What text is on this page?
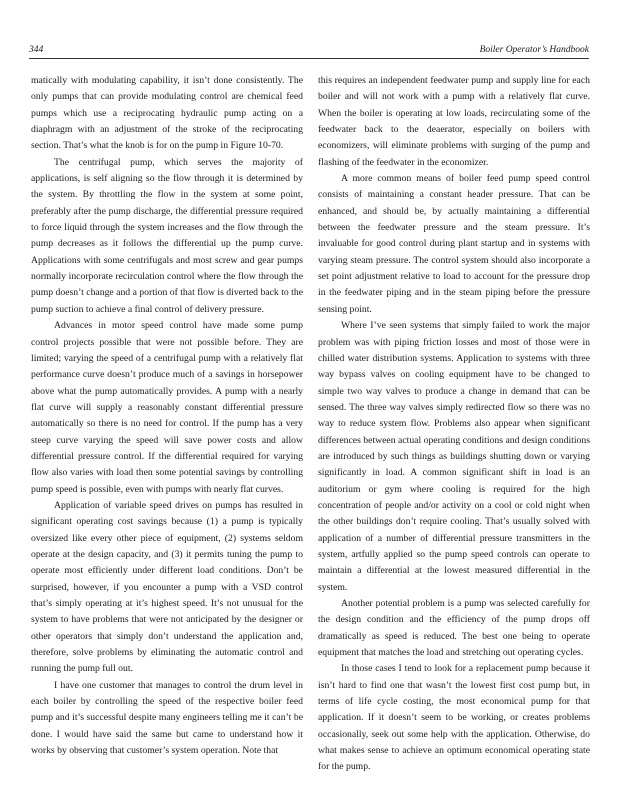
344	Boiler Operator’s Handbook

matically with modulating capability, it isn’t done consistently. The only pumps that can provide modulating control are chemical feed pumps which use a reciprocating hydraulic pump acting on a diaphragm with an adjustment of the stroke of the reciprocating section. That’s what the knob is for on the pump in Figure 10-70.

The centrifugal pump, which serves the majority of applications, is self aligning so the flow through it is determined by the system. By throttling the flow in the system at some point, preferably after the pump discharge, the differential pressure required to force liquid through the system increases and the flow through the pump decreases as it follows the differential up the pump curve. Applications with some centrifugals and most screw and gear pumps normally incorporate recirculation control where the flow through the pump doesn’t change and a portion of that flow is diverted back to the pump suction to achieve a final control of delivery pressure.

Advances in motor speed control have made some pump control projects possible that were not possible before. They are limited; varying the speed of a centrifugal pump with a relatively flat performance curve doesn’t produce much of a savings in horsepower above what the pump automatically provides. A pump with a nearly flat curve will supply a reasonably constant differential pressure automatically so there is no need for control. If the pump has a very steep curve varying the speed will save power costs and allow differential pressure control. If the differential required for varying flow also varies with load then some potential savings by controlling pump speed is possible, even with pumps with nearly flat curves.

Application of variable speed drives on pumps has resulted in significant operating cost savings because (1) a pump is typically oversized like every other piece of equipment, (2) systems seldom operate at the design capacity, and (3) it permits tuning the pump to operate most efficiently under different load conditions. Don’t be surprised, however, if you encounter a pump with a VSD control that’s simply operating at it’s highest speed. It’s not unusual for the system to have problems that were not anticipated by the designer or other operators that simply don’t understand the application and, therefore, solve problems by eliminating the automatic control and running the pump full out.

I have one customer that manages to control the drum level in each boiler by controlling the speed of the respective boiler feed pump and it’s successful despite many engineers telling me it can’t be done. I would have said the same but came to understand how it works by observing that customer’s system operation. Note that

this requires an independent feedwater pump and supply line for each boiler and will not work with a pump with a relatively flat curve. When the boiler is operating at low loads, recirculating some of the feedwater back to the deaerator, especially on boilers with economizers, will eliminate problems with surging of the pump and flashing of the feedwater in the economizer.

A more common means of boiler feed pump speed control consists of maintaining a constant header pressure. That can be enhanced, and should be, by actually maintaining a differential between the feedwater pressure and the steam pressure. It’s invaluable for good control during plant startup and in systems with varying steam pressure. The control system should also incorporate a set point adjustment relative to load to account for the pressure drop in the feedwater piping and in the steam piping before the pressure sensing point.

Where I’ve seen systems that simply failed to work the major problem was with piping friction losses and most of those were in chilled water distribution systems. Application to systems with three way bypass valves on cooling equipment have to be changed to simple two way valves to produce a change in demand that can be sensed. The three way valves simply redirected flow so there was no way to reduce system flow. Problems also appear when significant differences between actual operating conditions and design conditions are introduced by such things as buildings shutting down or varying significantly in load. A common significant shift in load is an auditorium or gym where cooling is required for the high concentration of people and/or activity on a cool or cold night when the other buildings don’t require cooling. That’s usually solved with application of a number of differential pressure transmitters in the system, artfully applied so the pump speed controls can operate to maintain a differential at the lowest measured differential in the system.

Another potential problem is a pump was selected carefully for the design condition and the efficiency of the pump drops off dramatically as speed is reduced. The best one being to operate equipment that matches the load and stretching out operating cycles.

In those cases I tend to look for a replacement pump because it isn’t hard to find one that wasn’t the lowest first cost pump but, in terms of life cycle costing, the most economical pump for that application. If it doesn’t seem to be working, or creates problems occasionally, seek out some help with the application. Otherwise, do what makes sense to achieve an optimum economical operating state for the pump.
